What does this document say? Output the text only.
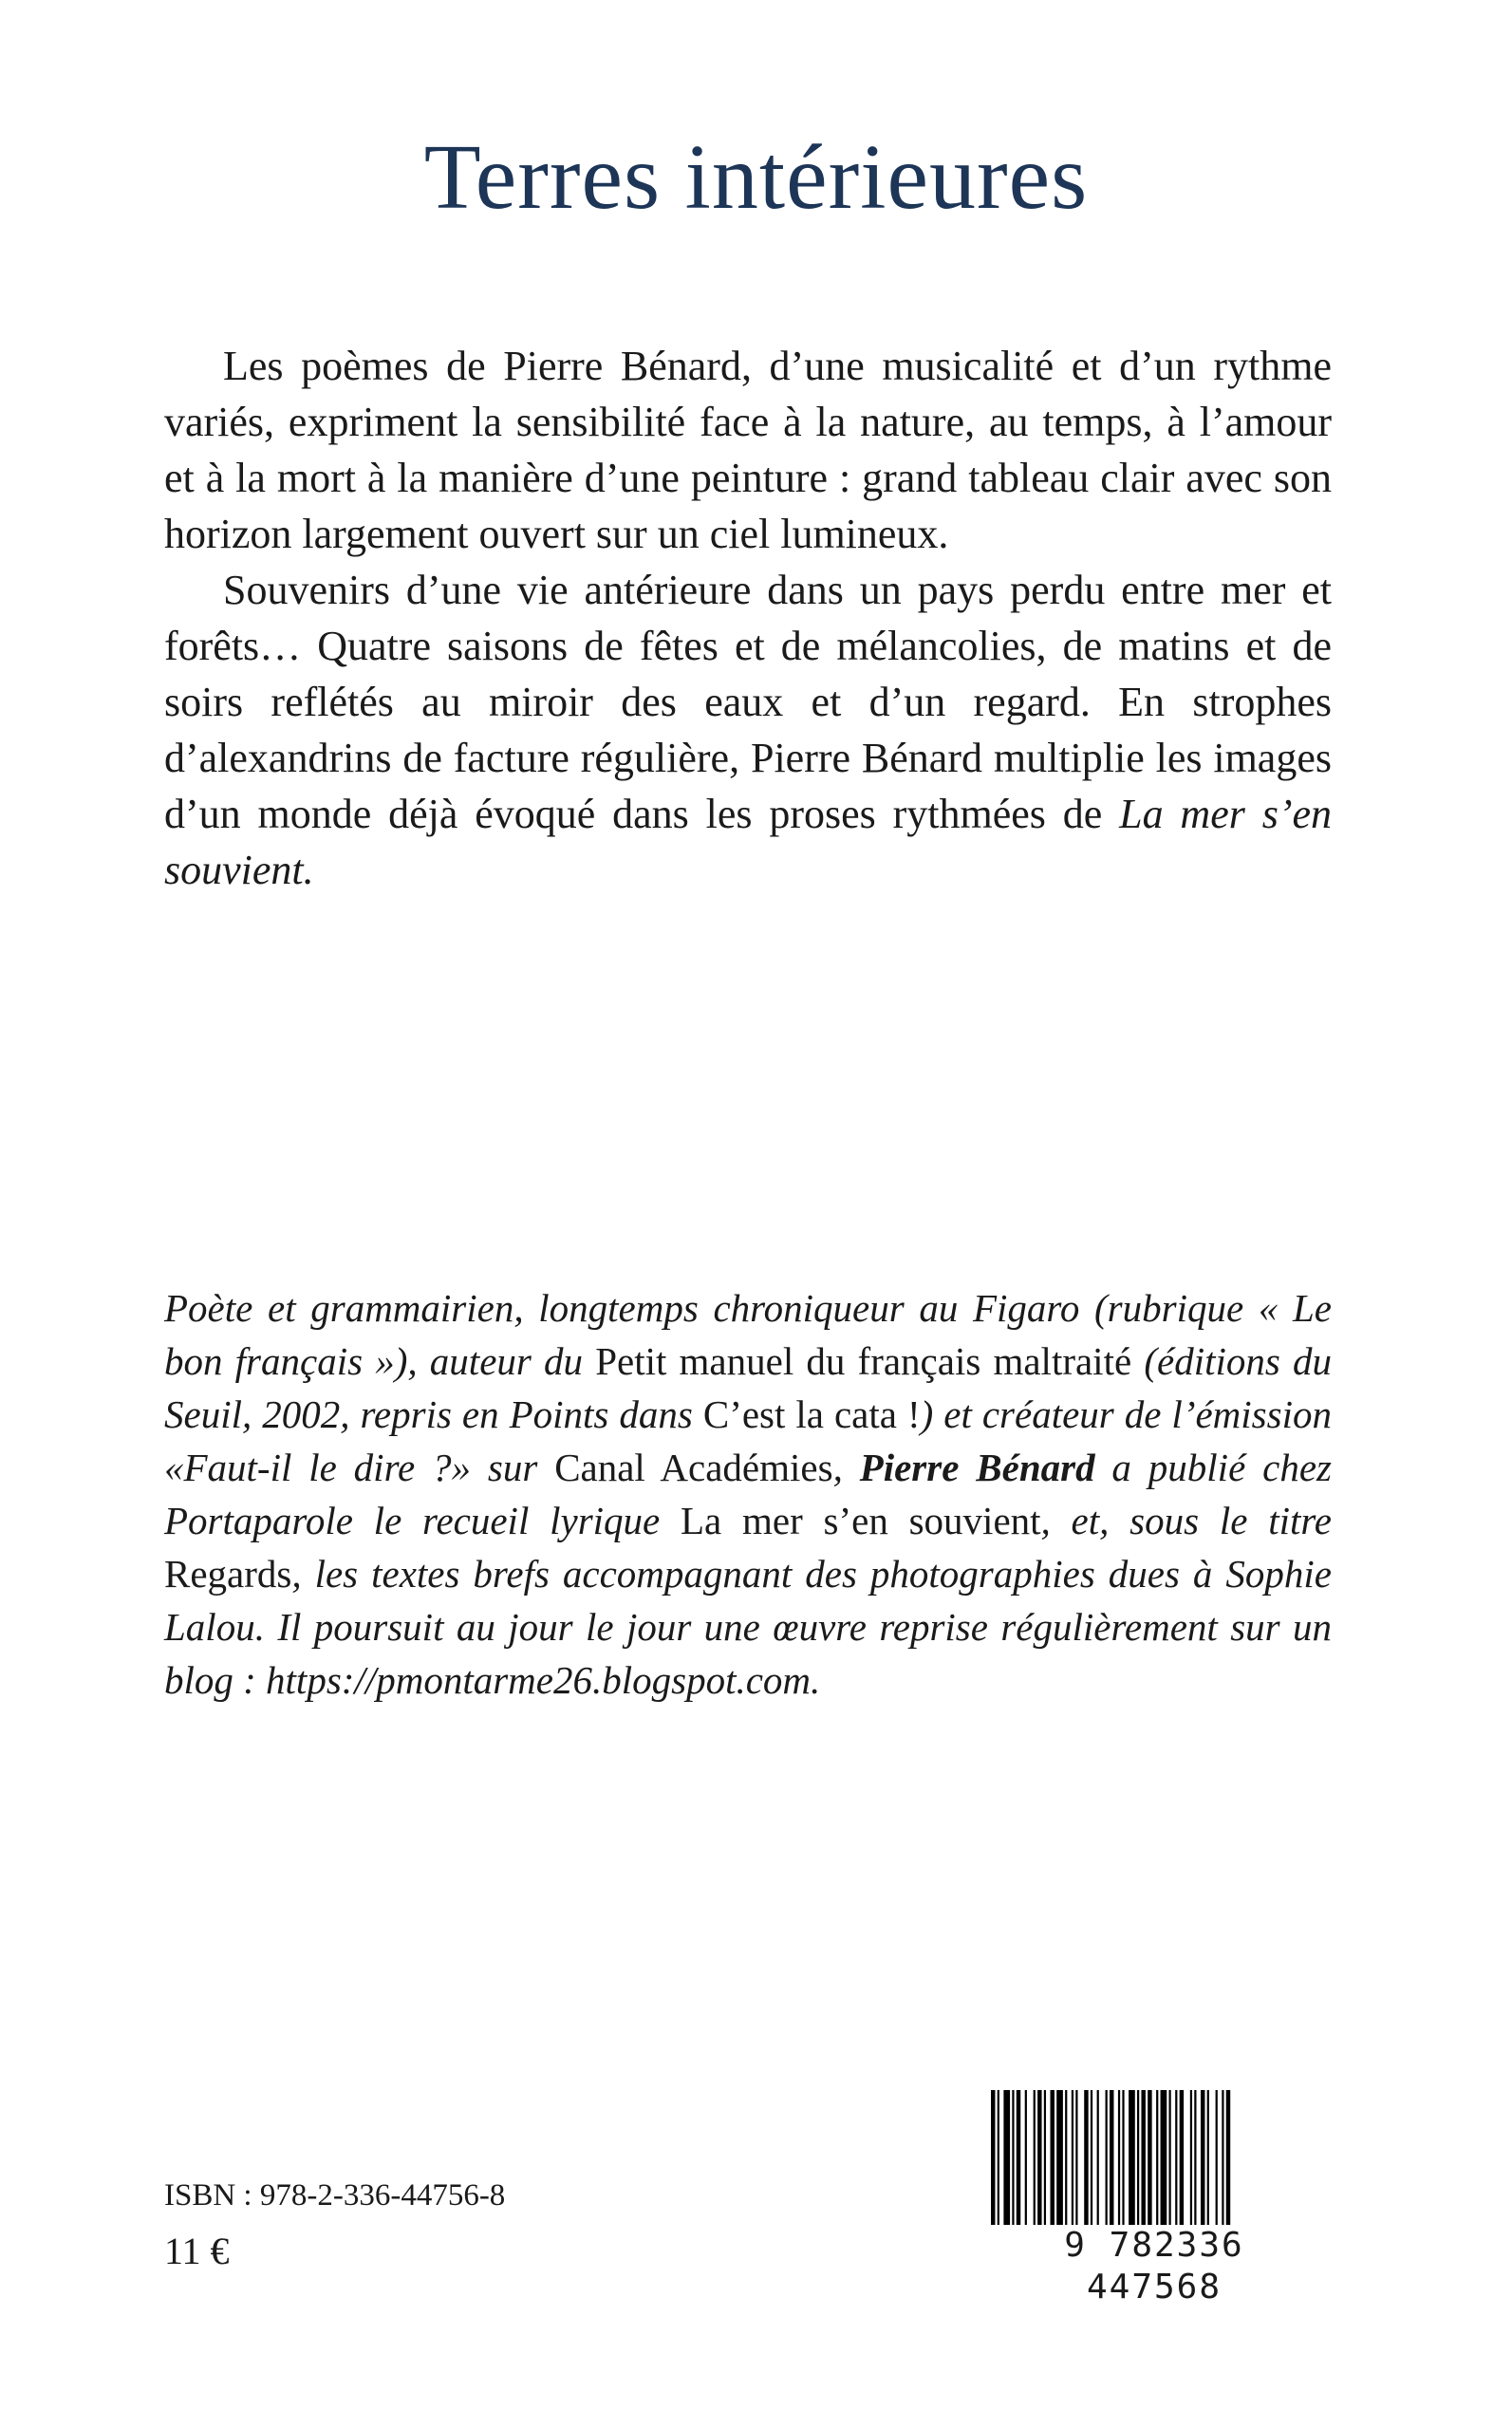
Terres intérieures

Les poèmes de Pierre Bénard, d’une musicalité et d’un rythme variés, expriment la sensibilité face à la nature, au temps, à l’amour et à la mort à la manière d’une peinture : grand tableau clair avec son horizon largement ouvert sur un ciel lumineux.

Souvenirs d’une vie antérieure dans un pays perdu entre mer et forêts… Quatre saisons de fêtes et de mélancolies, de matins et de soirs reflétés au miroir des eaux et d’un regard. En strophes d’alexandrins de facture régulière, Pierre Bénard multiplie les images d’un monde déjà évoqué dans les proses rythmées de La mer s’en souvient.

Poète et grammairien, longtemps chroniqueur au Figaro (rubrique « Le bon français »), auteur du Petit manuel du français maltraité (éditions du Seuil, 2002, repris en Points dans C’est la cata !) et créateur de l’émission «Faut-il le dire ?» sur Canal Académies, Pierre Bénard a publié chez Portaparole le recueil lyrique La mer s’en souvient, et, sous le titre Regards, les textes brefs accompagnant des photographies dues à Sophie Lalou. Il poursuit au jour le jour une œuvre reprise régulièrement sur un blog : https://pmontarme26.blogspot.com.

ISBN : 978-2-336-44756-8
11 €	9 782336 447568
